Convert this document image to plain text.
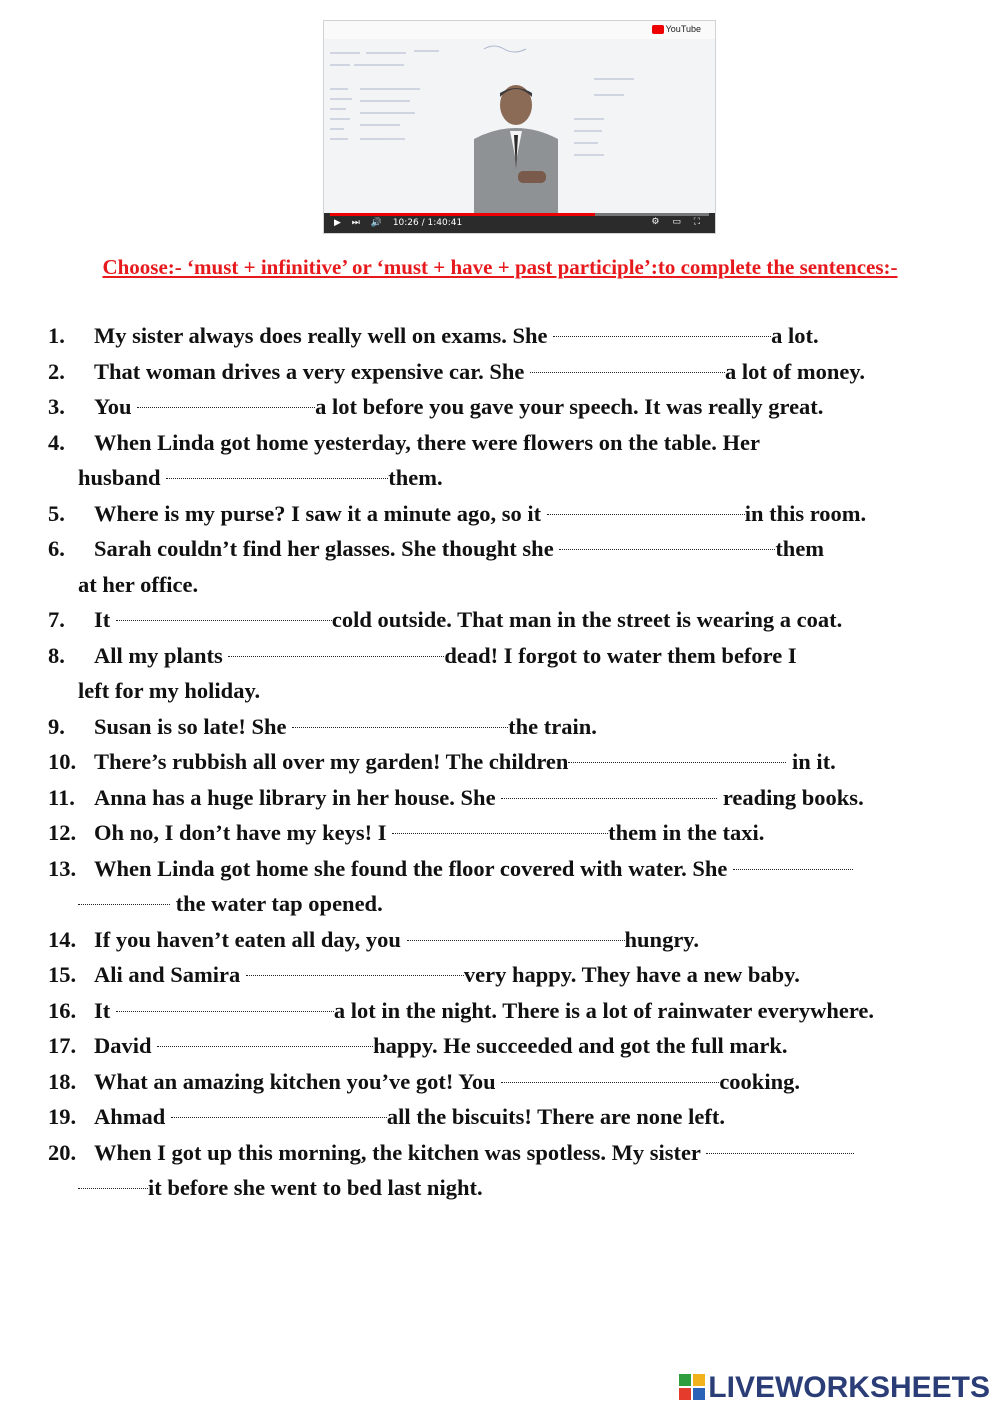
YouTube
▶ ⏭ 🔊 10:26 / 1:40:41	⚙ ▭ ⛶
Choose:- ‘must + infinitive’ or ‘must + have + past participle’:to complete the sentences:-
1. My sister always does really well on exams. She	a lot.
2. That woman drives a very expensive car. She	a lot of money.
3. You	a lot before you gave your speech. It was really great.
4. When Linda got home yesterday, there were flowers on the table. Her
husband	them.
5. Where is my purse? I saw it a minute ago, so it	in this room.
6. Sarah couldn’t find her glasses. She thought she	them
at her office.
7. It	cold outside. That man in the street is wearing a coat.
8. All my plants	dead! I forgot to water them before I
left for my holiday.
9. Susan is so late! She	the train.
10. There’s rubbish all over my garden! The children	in it.
11. Anna has a huge library in her house. She	reading books.
12. Oh no, I don’t have my keys! I	them in the taxi.
13. When Linda got home she found the floor covered with water. She
the water tap opened.
14. If you haven’t eaten all day, you	hungry.
15. Ali and Samira	very happy. They have a new baby.
16. It	a lot in the night. There is a lot of rainwater everywhere.
17. David	happy. He succeeded and got the full mark.
18. What an amazing kitchen you’ve got! You	cooking.
19. Ahmad	all the biscuits! There are none left.
20. When I got up this morning, the kitchen was spotless. My sister
it before she went to bed last night.
LIVEWORKSHEETS
